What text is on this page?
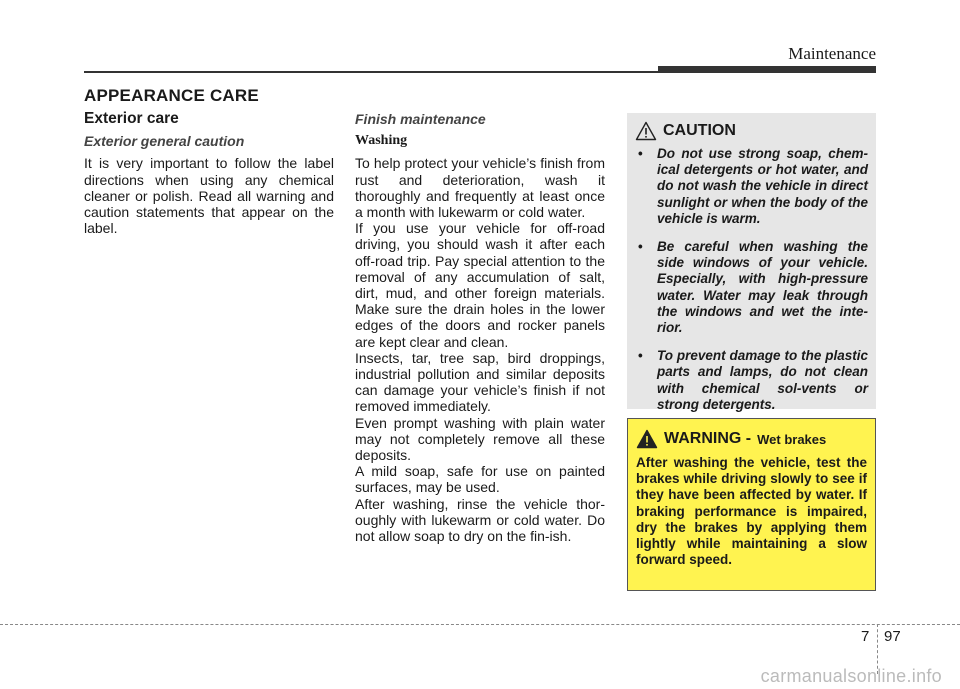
Maintenance
APPEARANCE CARE
Exterior care
Exterior general caution

It is very important to follow the label directions when using any chemical cleaner or polish. Read all warning and caution statements that appear on the label.

Finish maintenance
Washing

To help protect your vehicle’s finish from rust and deterioration, wash it thoroughly and frequently at least once a month with lukewarm or cold water.

If you use your vehicle for off-road driving, you should wash it after each off-road trip. Pay special attention to the removal of any accumulation of salt, dirt, mud, and other foreign materials. Make sure the drain holes in the lower edges of the doors and rocker panels are kept clear and clean.

Insects, tar, tree sap, bird droppings, industrial pollution and similar deposits can damage your vehicle’s finish if not removed immediately.

Even prompt washing with plain water may not completely remove all these deposits.

A mild soap, safe for use on painted surfaces, may be used.

After washing, rinse the vehicle thor-oughly with lukewarm or cold water. Do not allow soap to dry on the fin-ish.

CAUTION
• Do not use strong soap, chem-ical detergents or hot water, and do not wash the vehicle in direct sunlight or when the body of the vehicle is warm.
• Be careful when washing the side windows of your vehicle. Especially, with high-pressure water. Water may leak through the windows and wet the inte-rior.
• To prevent damage to the plastic parts and lamps, do not clean with chemical sol-vents or strong detergents.
WARNING - Wet brakes

After washing the vehicle, test the brakes while driving slowly to see if they have been affected by water. If braking performance is impaired, dry the brakes by applying them lightly while maintaining a slow forward speed.

7 97
carmanualsonline.info
